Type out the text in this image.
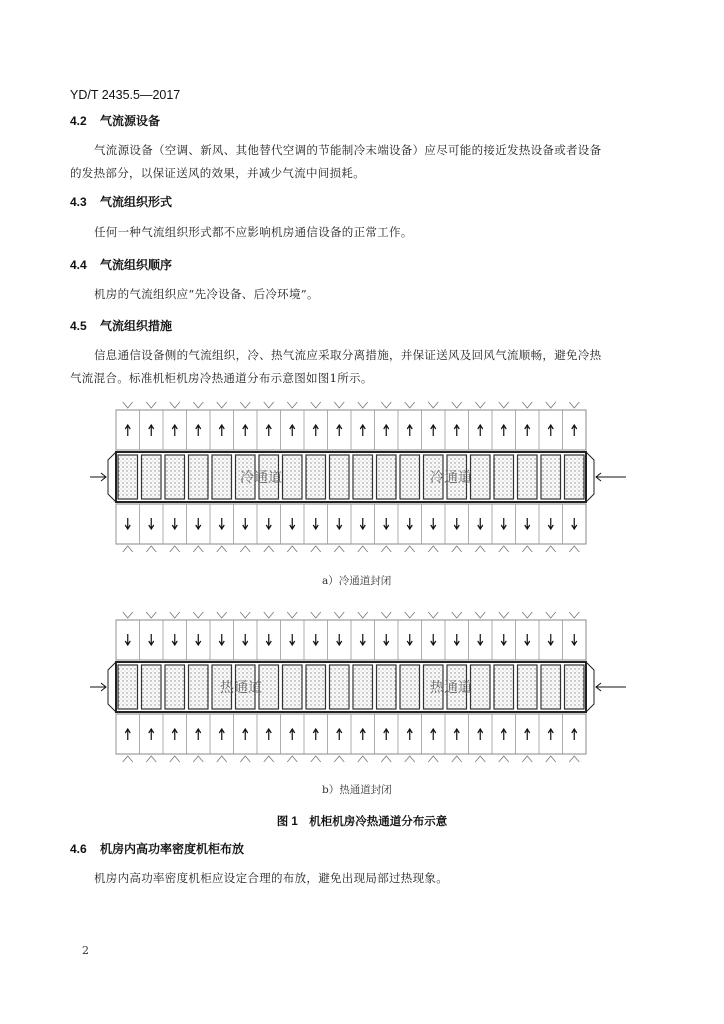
YD/T 2435.5—2017
4.2 气流源设备
气流源设备（空调、新风、其他替代空调的节能制冷末端设备）应尽可能的接近发热设备或者设备
的发热部分，以保证送风的效果，并减少气流中间损耗。
4.3 气流组织形式
任何一种气流组织形式都不应影响机房通信设备的正常工作。
4.4 气流组织顺序
机房的气流组织应“先冷设备、后冷环境”。
4.5 气流组织措施
信息通信设备侧的气流组织，冷、热气流应采取分离措施，并保证送风及回风气流顺畅，避免冷热
气流混合。标准机柜机房冷热通道分布示意图如图1所示。
冷通道	冷通道
a）冷通道封闭
热通道	热通道
b）热通道封闭
图 1　机柜机房冷热通道分布示意
4.6 机房内高功率密度机柜布放
机房内高功率密度机柜应设定合理的布放，避免出现局部过热现象。
2
